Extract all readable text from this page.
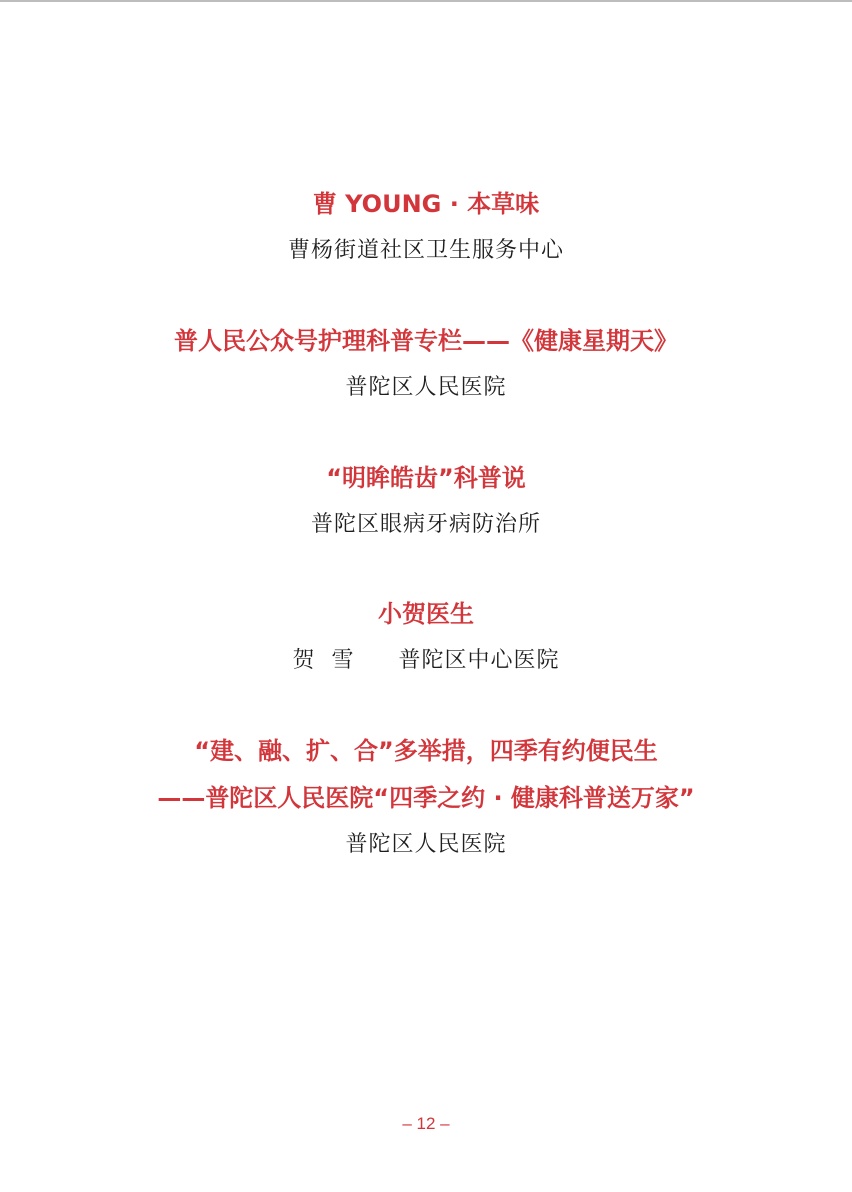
曹 YOUNG · 本草味
曹杨街道社区卫生服务中心
普人民公众号护理科普专栏——《健康星期天》
普陀区人民医院
“明眸皓齿”科普说
普陀区眼病牙病防治所
小贺医生
贺  雪 普陀区中心医院
“建、融、扩、合”多举措，四季有约便民生
——普陀区人民医院“四季之约 · 健康科普送万家”
普陀区人民医院
– 12 –
